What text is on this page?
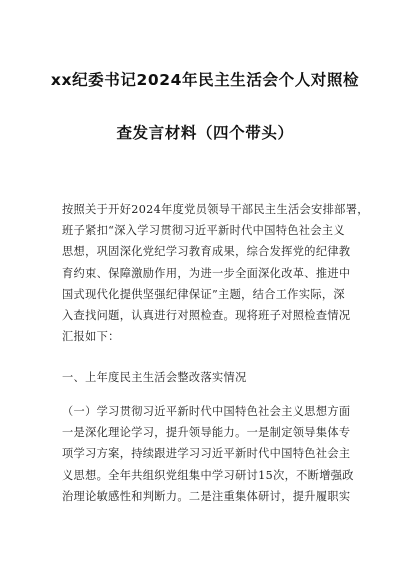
xx纪委书记2024年民主生活会个人对照检
查发言材料（四个带头）
按照关于开好2024年度党员领导干部民主生活会安排部署，
班子紧扣“深入学习贯彻习近平新时代中国特色社会主义
思想，巩固深化党纪学习教育成果，综合发挥党的纪律教
育约束、保障激励作用，为进一步全面深化改革、推进中
国式现代化提供坚强纪律保证”主题，结合工作实际，深
入查找问题，认真进行对照检查。现将班子对照检查情况
汇报如下：
一、上年度民主生活会整改落实情况
（一）学习贯彻习近平新时代中国特色社会主义思想方面
一是深化理论学习，提升领导能力。一是制定领导集体专
项学习方案，持续跟进学习习近平新时代中国特色社会主
义思想。全年共组织党组集中学习研讨15次，不断增强政
治理论敏感性和判断力。二是注重集体研讨，提升履职实
